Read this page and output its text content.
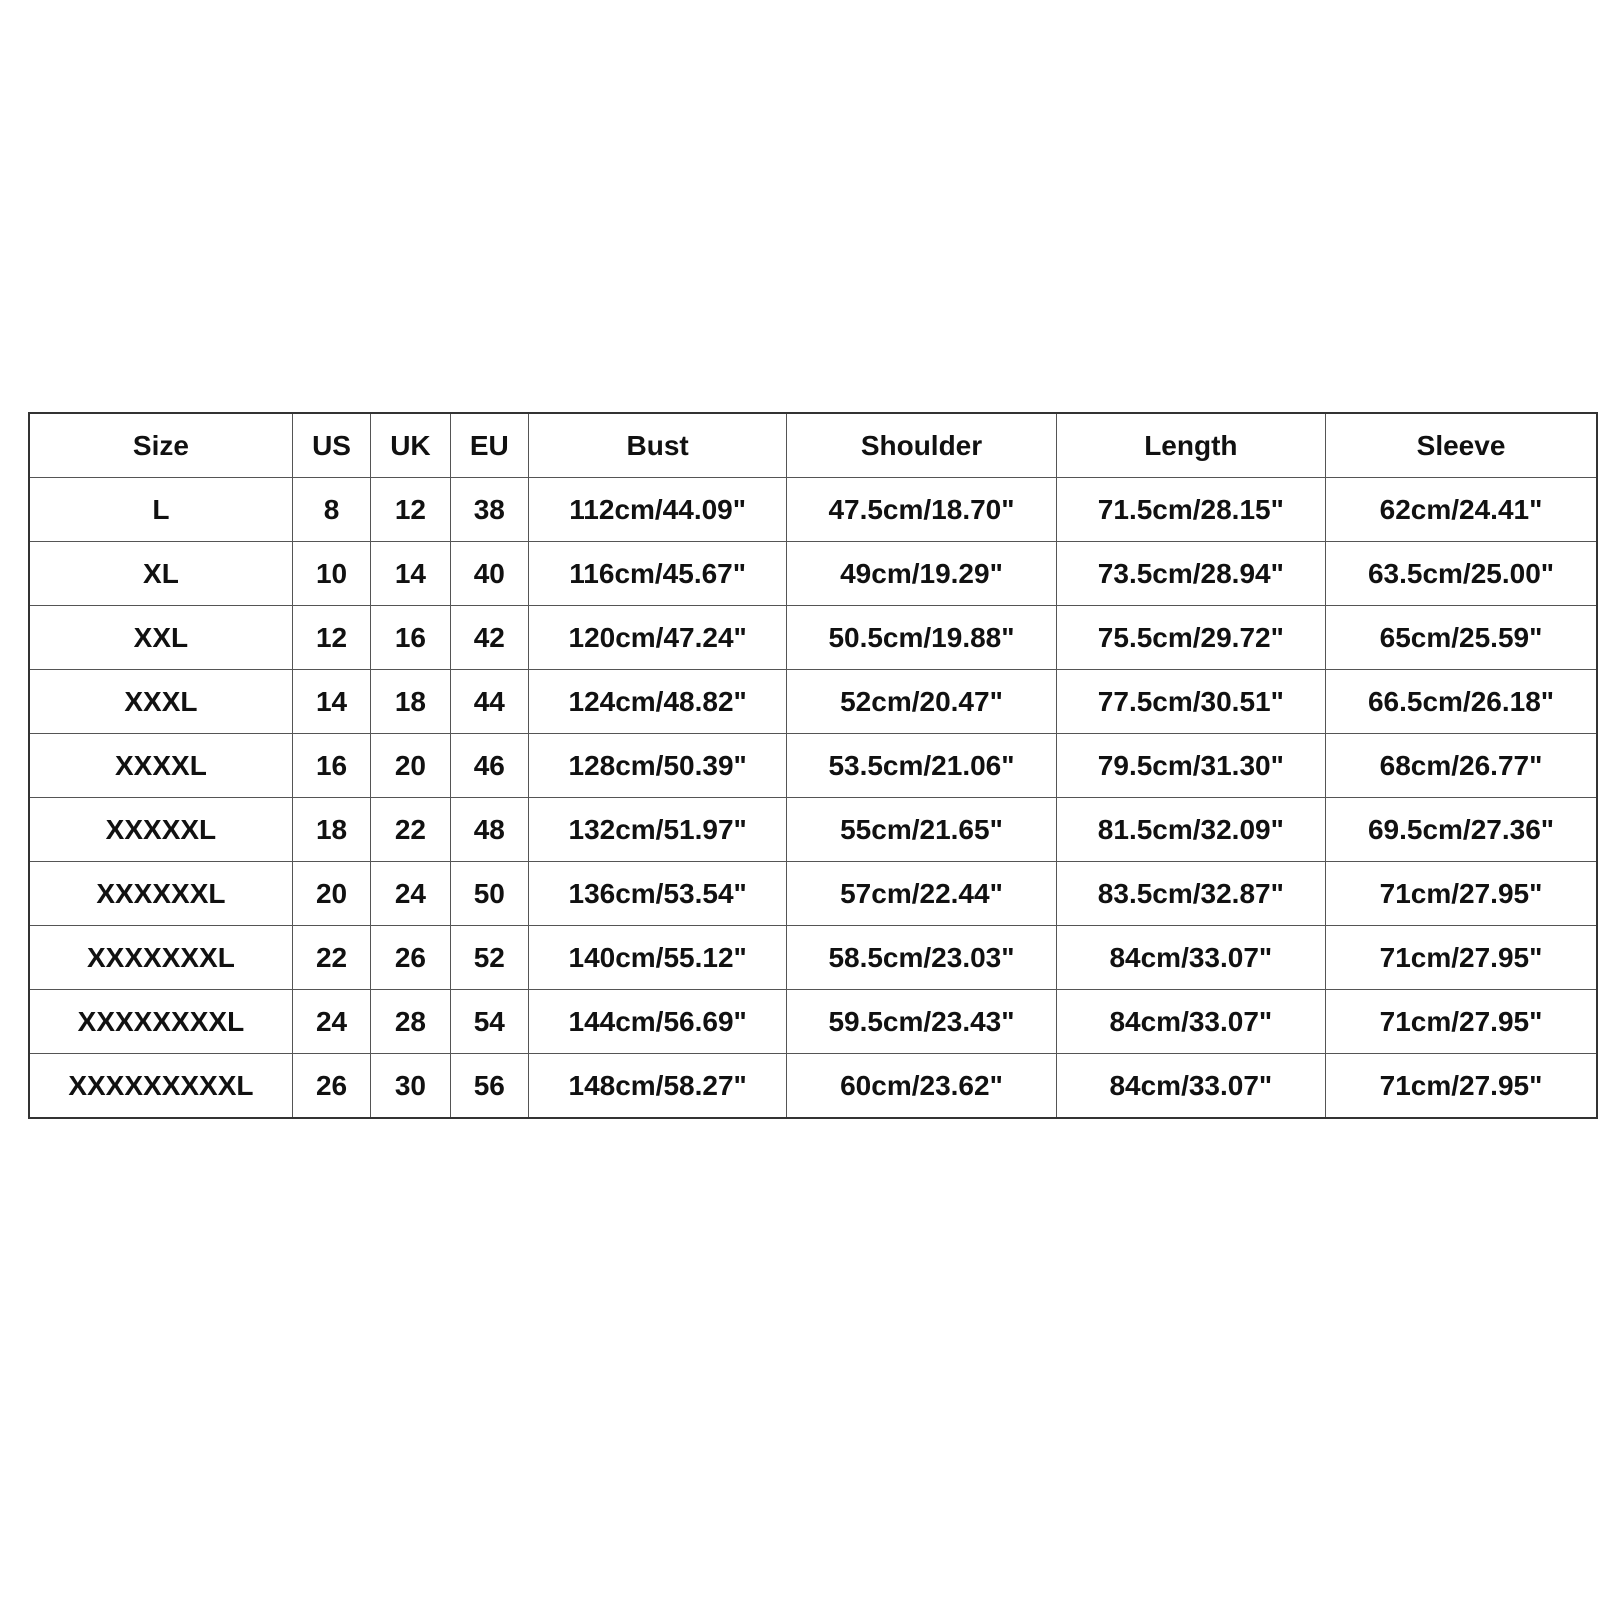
Size	US	UK	EU	Bust	Shoulder	Length	Sleeve
L	8	12	38	112cm/44.09"	47.5cm/18.70"	71.5cm/28.15"	62cm/24.41"
XL	10	14	40	116cm/45.67"	49cm/19.29"	73.5cm/28.94"	63.5cm/25.00"
XXL	12	16	42	120cm/47.24"	50.5cm/19.88"	75.5cm/29.72"	65cm/25.59"
XXXL	14	18	44	124cm/48.82"	52cm/20.47"	77.5cm/30.51"	66.5cm/26.18"
XXXXL	16	20	46	128cm/50.39"	53.5cm/21.06"	79.5cm/31.30"	68cm/26.77"
XXXXXL	18	22	48	132cm/51.97"	55cm/21.65"	81.5cm/32.09"	69.5cm/27.36"
XXXXXXL	20	24	50	136cm/53.54"	57cm/22.44"	83.5cm/32.87"	71cm/27.95"
XXXXXXXL	22	26	52	140cm/55.12"	58.5cm/23.03"	84cm/33.07"	71cm/27.95"
XXXXXXXXL	24	28	54	144cm/56.69"	59.5cm/23.43"	84cm/33.07"	71cm/27.95"
XXXXXXXXXL	26	30	56	148cm/58.27"	60cm/23.62"	84cm/33.07"	71cm/27.95"
